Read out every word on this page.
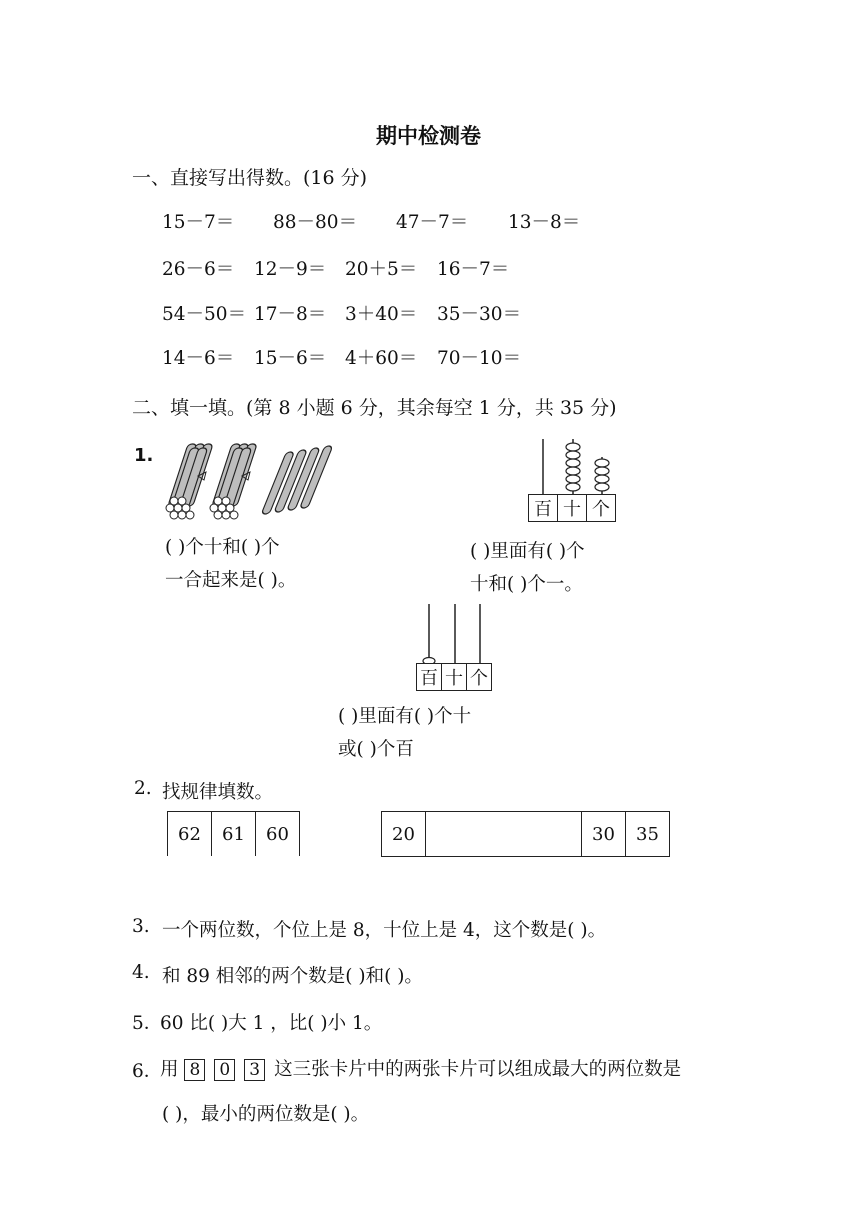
期中检测卷
一、直接写出得数。(16 分)
15－7＝ 88－80＝ 47－7＝ 13－8＝
26－6＝ 12－9＝ 20＋5＝ 16－7＝
54－50＝ 17－8＝ 3＋40＝ 35－30＝
14－6＝ 15－6＝ 4＋60＝ 70－10＝
二、填一填。(第 8 小题 6 分，其余每空 1 分，共 35 分)
1.
( )个十和( )个
一合起来是( )。
百	十	个
( )里面有( )个
十和( )个一。
百	十	个
( )里面有( )个十
或( )个百
2. 找规律填数。
62	61	60	20		30	35
3. 一个两位数，个位上是 8，十位上是 4，这个数是( )。
4. 和 89 相邻的两个数是( )和( )。
5．
60 比( )大 1 ，比( )小 1。
6．
用 8 0 3 这三张卡片中的两张卡片可以组成最大的两位数是
( )，最小的两位数是( )。
